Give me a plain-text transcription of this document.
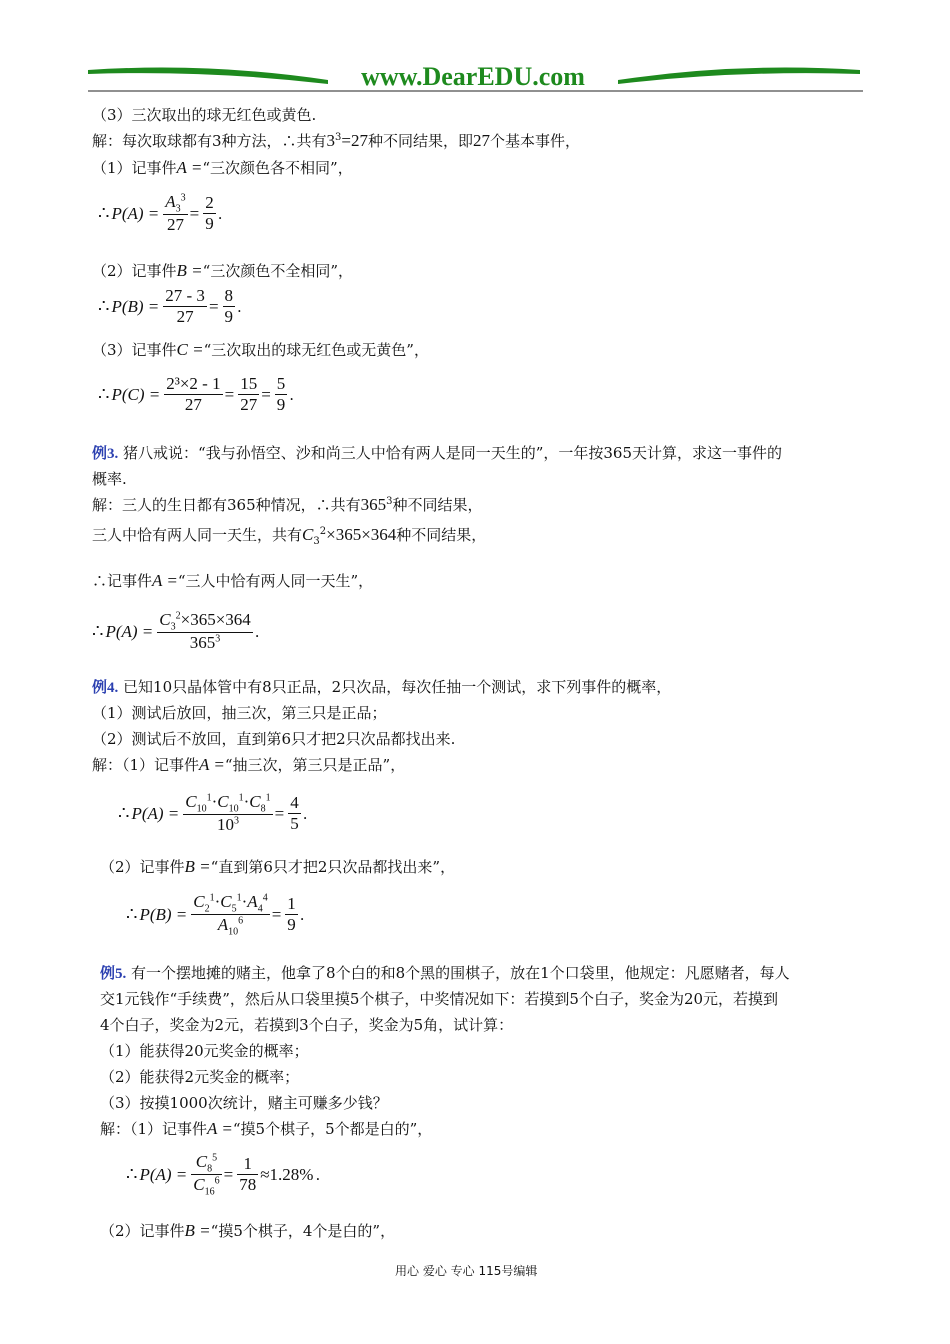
www.DearEDU.com
（3）三次取出的球无红色或黄色.
解：每次取球都有3种方法，∴共有$3^3=27$种不同结果，即27个基本事件，
（1）记事件A =“三次颜色各不相同”，
∴ $P(A) = \frac{A_3^3}{27} = \frac{2}{9}$ .
（2）记事件B =“三次颜色不全相同”，
∴ $P(B) = \frac{27 - 3}{27} = \frac{8}{9}$ .
（3）记事件C =“三次取出的球无红色或无黄色”，
∴ $P(C) = \frac{\text{2³×2 - 1}}{27} = \frac{15}{27} = \frac{5}{9}$ .
例3. 猪八戒说：“我与孙悟空、沙和尚三人中恰有两人是同一天生的”，一年按365天计算，求这一事件的
概率.
解：三人的生日都有365种情况，∴共有$365^3$种不同结果，
三人中恰有两人同一天生，共有$C_3^2\times 365\times 364$种不同结果，
∴记事件A =“三人中恰有两人同一天生”，
∴ $P(A) = \frac{C_3^2\times 365\times 364}{365^3}$ .
例4. 已知10只晶体管中有8只正品，2只次品，每次任抽一个测试，求下列事件的概率，
（1）测试后放回，抽三次，第三只是正品；
（2）测试后不放回，直到第6只才把2只次品都找出来.
解：（1）记事件A =“抽三次，第三只是正品”，
∴ $P(A) = \frac{C_{10}^1\cdot C_{10}^1\cdot C_8^1}{10^3} = \frac{4}{5}$ .
（2）记事件B =“直到第6只才把2只次品都找出来”，
∴ $P(B) = \frac{C_2^1\cdot C_5^1\cdot A_4^4}{A_{10}^6} = \frac{1}{9}$ .
例5. 有一个摆地摊的赌主，他拿了8个白的和8个黑的围棋子，放在1个口袋里，他规定：凡愿赌者，每人
交1元钱作“手续费”，然后从口袋里摸5个棋子，中奖情况如下：若摸到5个白子，奖金为20元，若摸到
4个白子，奖金为2元，若摸到3个白子，奖金为5角，试计算：
（1）能获得20元奖金的概率；
（2）能获得2元奖金的概率；
（3）按摸1000次统计，赌主可赚多少钱？
解：（1）记事件A =“摸5个棋子，5个都是白的”，
∴ $P(A) = \frac{C_8^5}{C_{16}^6} = \frac{1}{78} \approx 1.28\%$ .
（2）记事件B =“摸5个棋子，4个是白的”，
用心 爱心 专心 115号编辑
